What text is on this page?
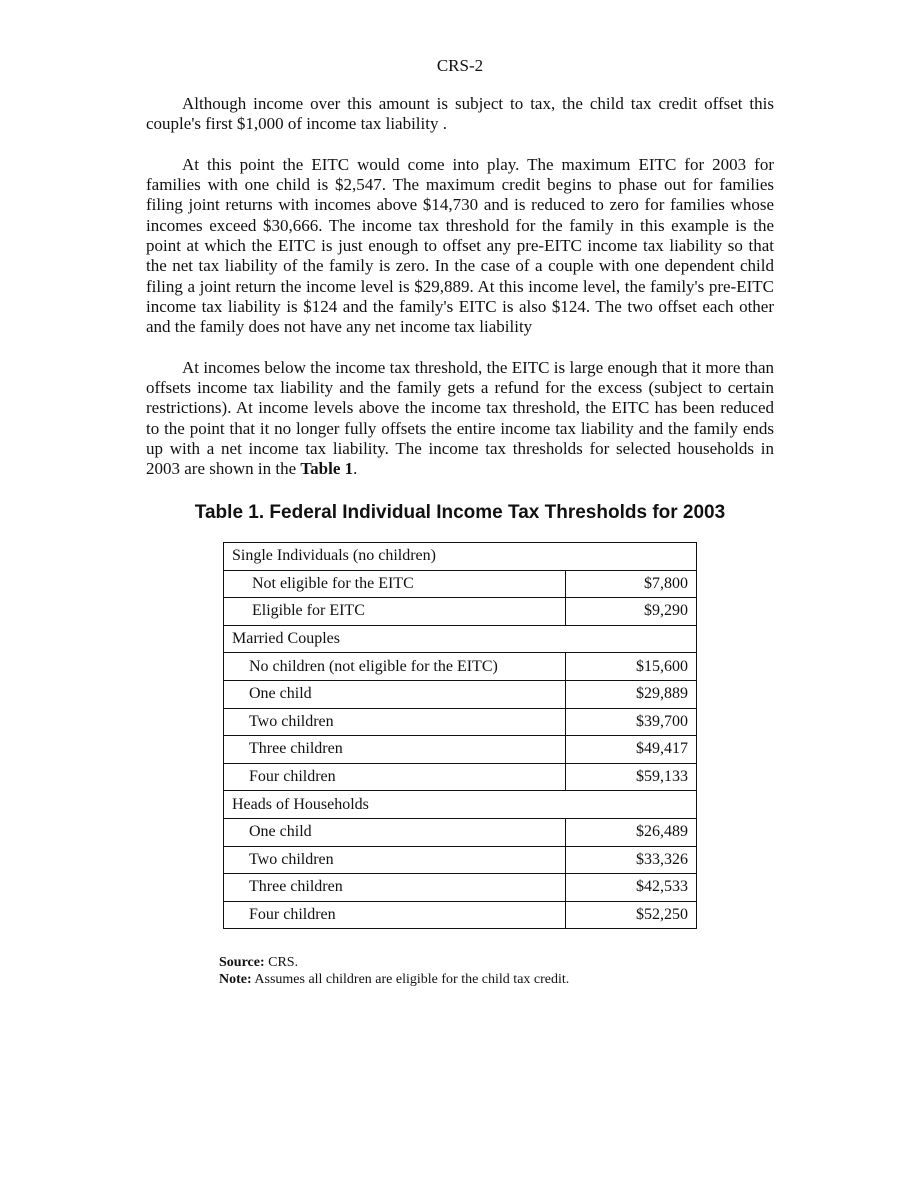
CRS-2

Although income over this amount is subject to tax, the child tax credit offset this couple's first $1,000 of income tax liability .

At this point the EITC would come into play. The maximum EITC for 2003 for families with one child is $2,547. The maximum credit begins to phase out for families filing joint returns with incomes above $14,730 and is reduced to zero for families whose incomes exceed $30,666. The income tax threshold for the family in this example is the point at which the EITC is just enough to offset any pre-EITC income tax liability so that the net tax liability of the family is zero. In the case of a couple with one dependent child filing a joint return the income level is $29,889. At this income level, the family's pre-EITC income tax liability is $124 and the family's EITC is also $124. The two offset each other and the family does not have any net income tax liability

At incomes below the income tax threshold, the EITC is large enough that it more than offsets income tax liability and the family gets a refund for the excess (subject to certain restrictions). At income levels above the income tax threshold, the EITC has been reduced to the point that it no longer fully offsets the entire income tax liability and the family ends up with a net income tax liability. The income tax thresholds for selected households in 2003 are shown in the Table 1.

Table 1. Federal Individual Income Tax Thresholds for 2003
Single Individuals (no children)	
Not eligible for the EITC	$7,800
Eligible for EITC	$9,290
Married Couples	
No children (not eligible for the EITC)	$15,600
One child	$29,889
Two children	$39,700
Three children	$49,417
Four children	$59,133
Heads of Households	
One child	$26,489
Two children	$33,326
Three children	$42,533
Four children	$52,250
Source: CRS.
Note: Assumes all children are eligible for the child tax credit.
